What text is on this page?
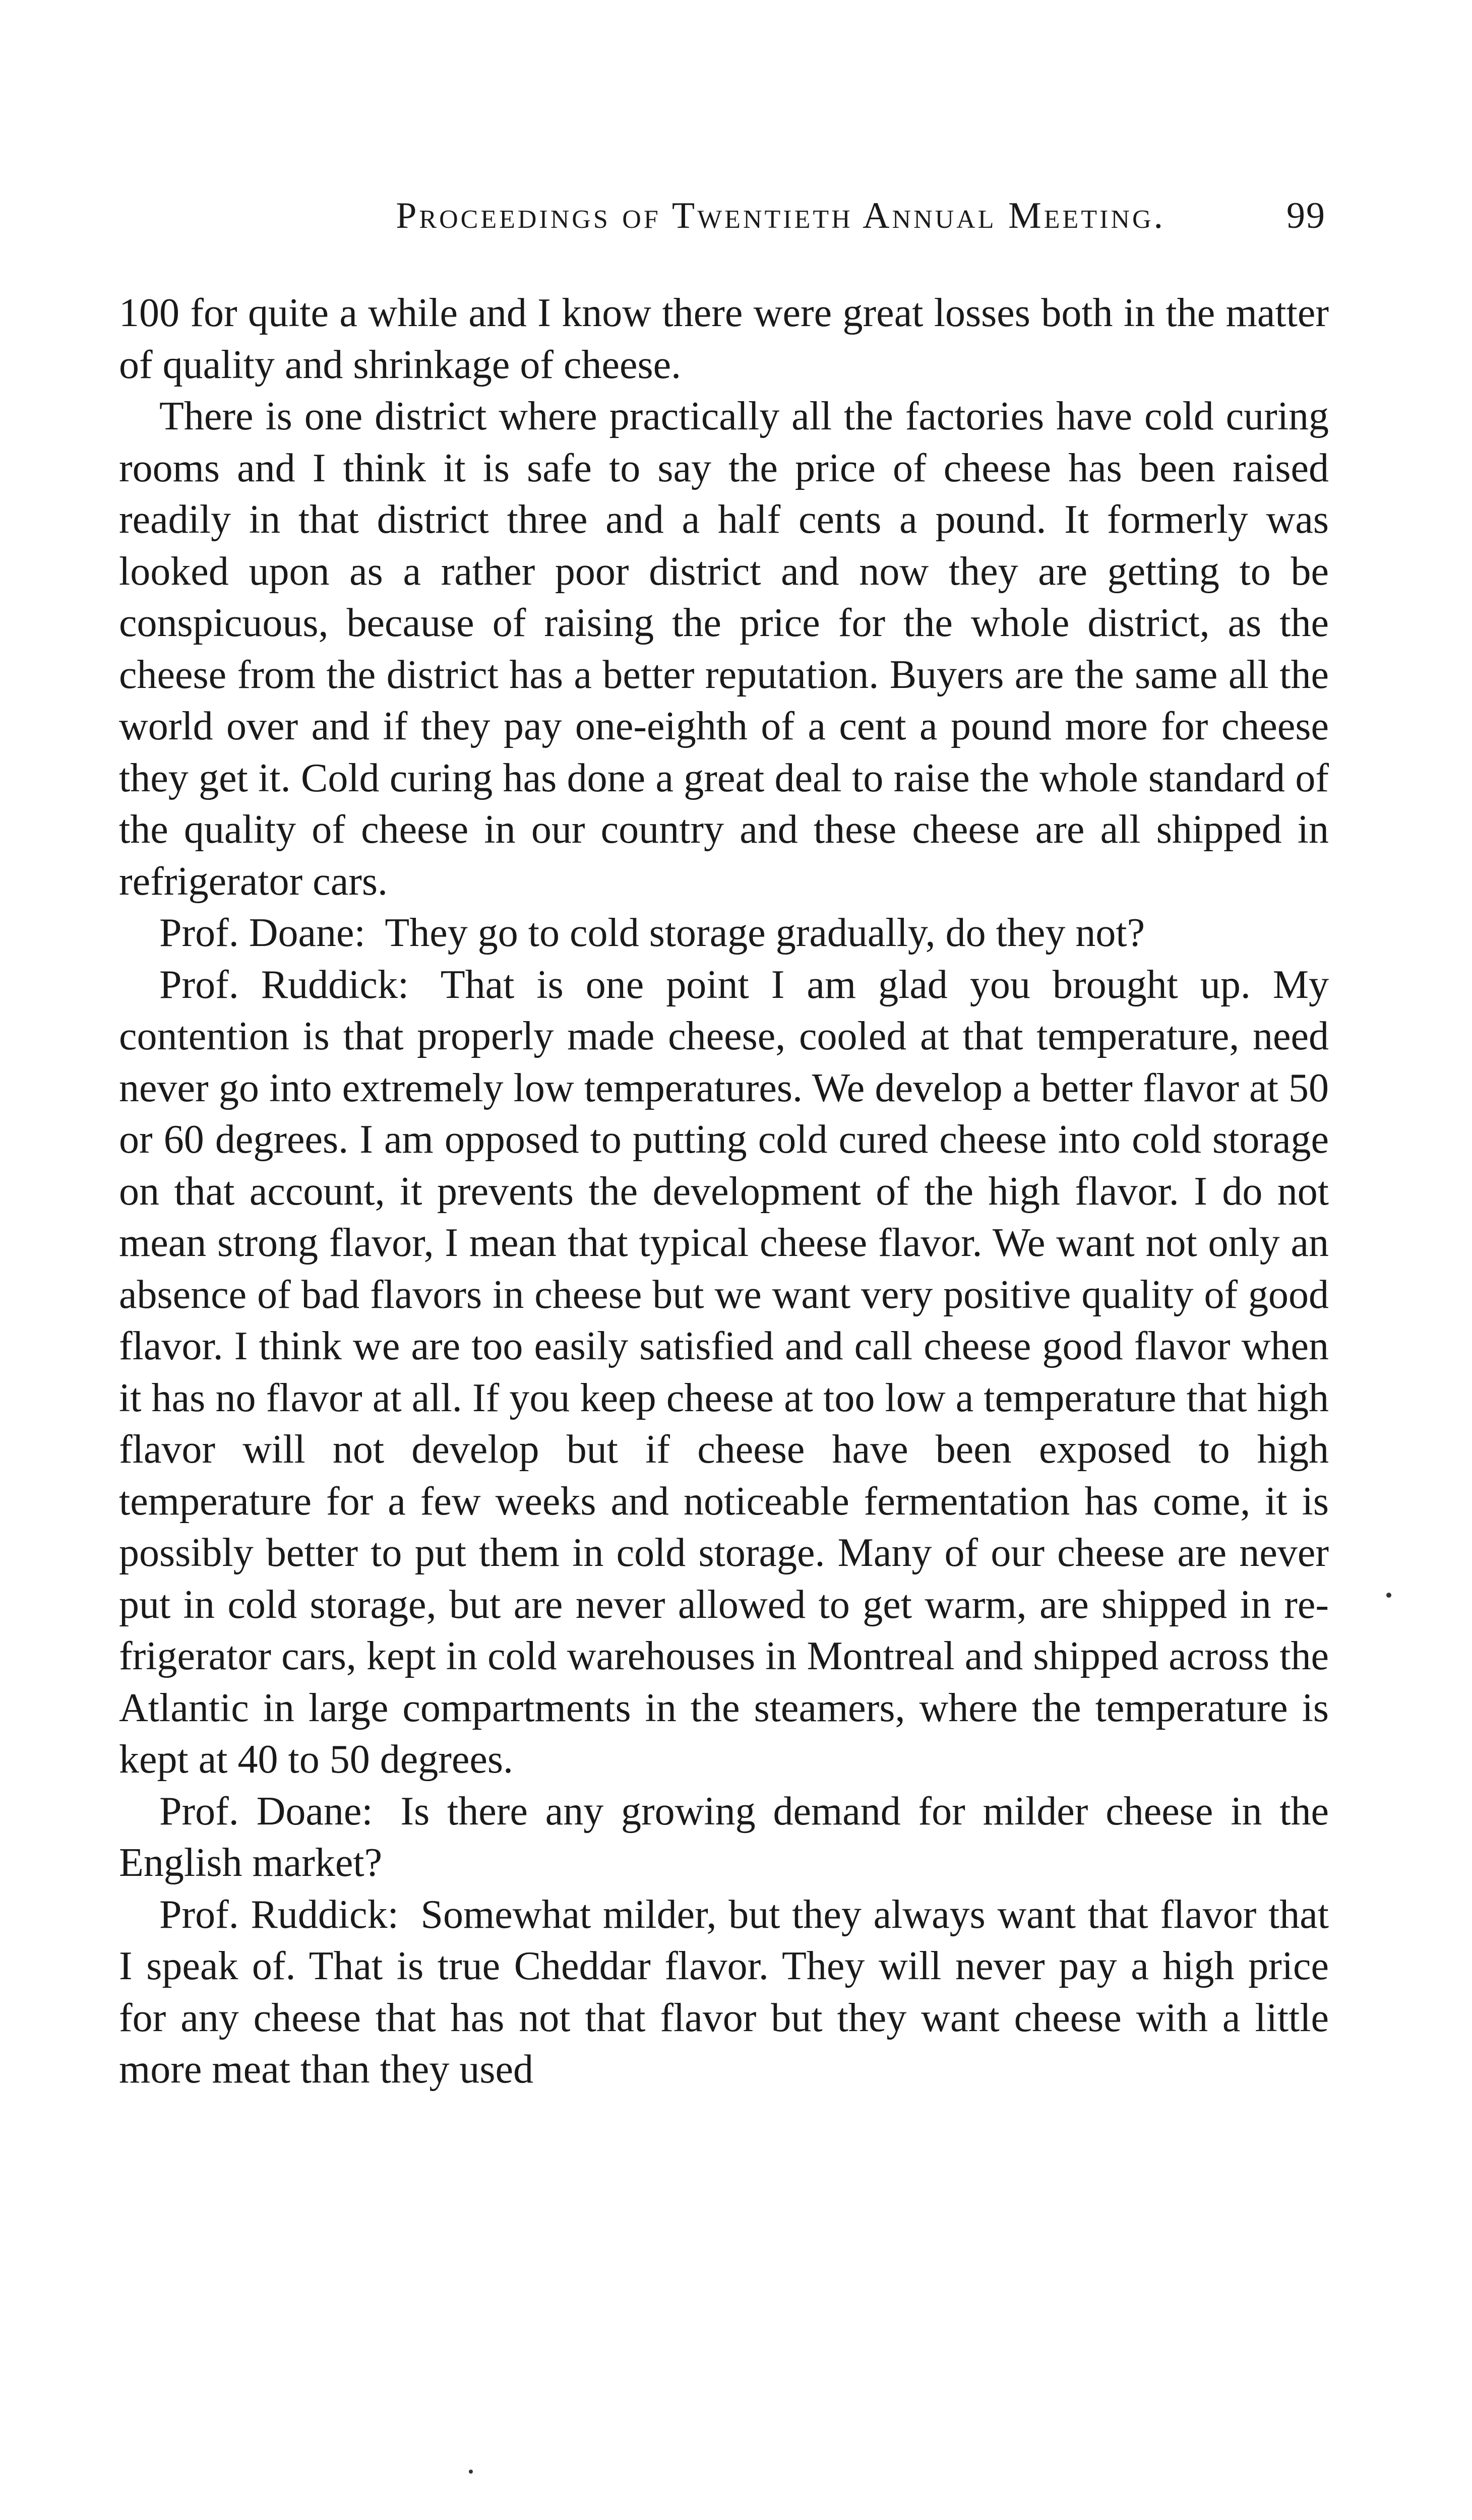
Proceedings of Twentieth Annual Meeting.	99

100 for quite a while and I know there were great losses both in the matter of quality and shrinkage of cheese.

There is one district where practically all the factories have cold curing rooms and I think it is safe to say the price of cheese has been raised readily in that district three and a half cents a pound. It formerly was looked upon as a rather poor district and now they are getting to be conspicuous, because of raising the price for the whole district, as the cheese from the district has a better reputation. Buyers are the same all the world over and if they pay one-eighth of a cent a pound more for cheese they get it. Cold curing has done a great deal to raise the whole standard of the quality of cheese in our country and these cheese are all shipped in refrigerator cars.

Prof. Doane: They go to cold storage gradually, do they not?

Prof. Ruddick: That is one point I am glad you brought up. My contention is that properly made cheese, cooled at that temperature, need never go into extremely low temperatures. We develop a better flavor at 50 or 60 degrees. I am opposed to putting cold cured cheese into cold storage on that account, it prevents the development of the high flavor. I do not mean strong flavor, I mean that typical cheese flavor. We want not only an absence of bad flavors in cheese but we want very positive quality of good flavor. I think we are too easily satisfied and call cheese good flavor when it has no flavor at all. If you keep cheese at too low a temperature that high flavor will not develop but if cheese have been exposed to high temperature for a few weeks and noticeable fermentation has come, it is possibly better to put them in cold storage. Many of our cheese are never put in cold storage, but are never allowed to get warm, are shipped in refrigerator cars, kept in cold warehouses in Montreal and shipped across the Atlantic in large compartments in the steamers, where the temperature is kept at 40 to 50 degrees.

Prof. Doane: Is there any growing demand for milder cheese in the English market?

Prof. Ruddick: Somewhat milder, but they always want that flavor that I speak of. That is true Cheddar flavor. They will never pay a high price for any cheese that has not that flavor but they want cheese with a little more meat than they used
